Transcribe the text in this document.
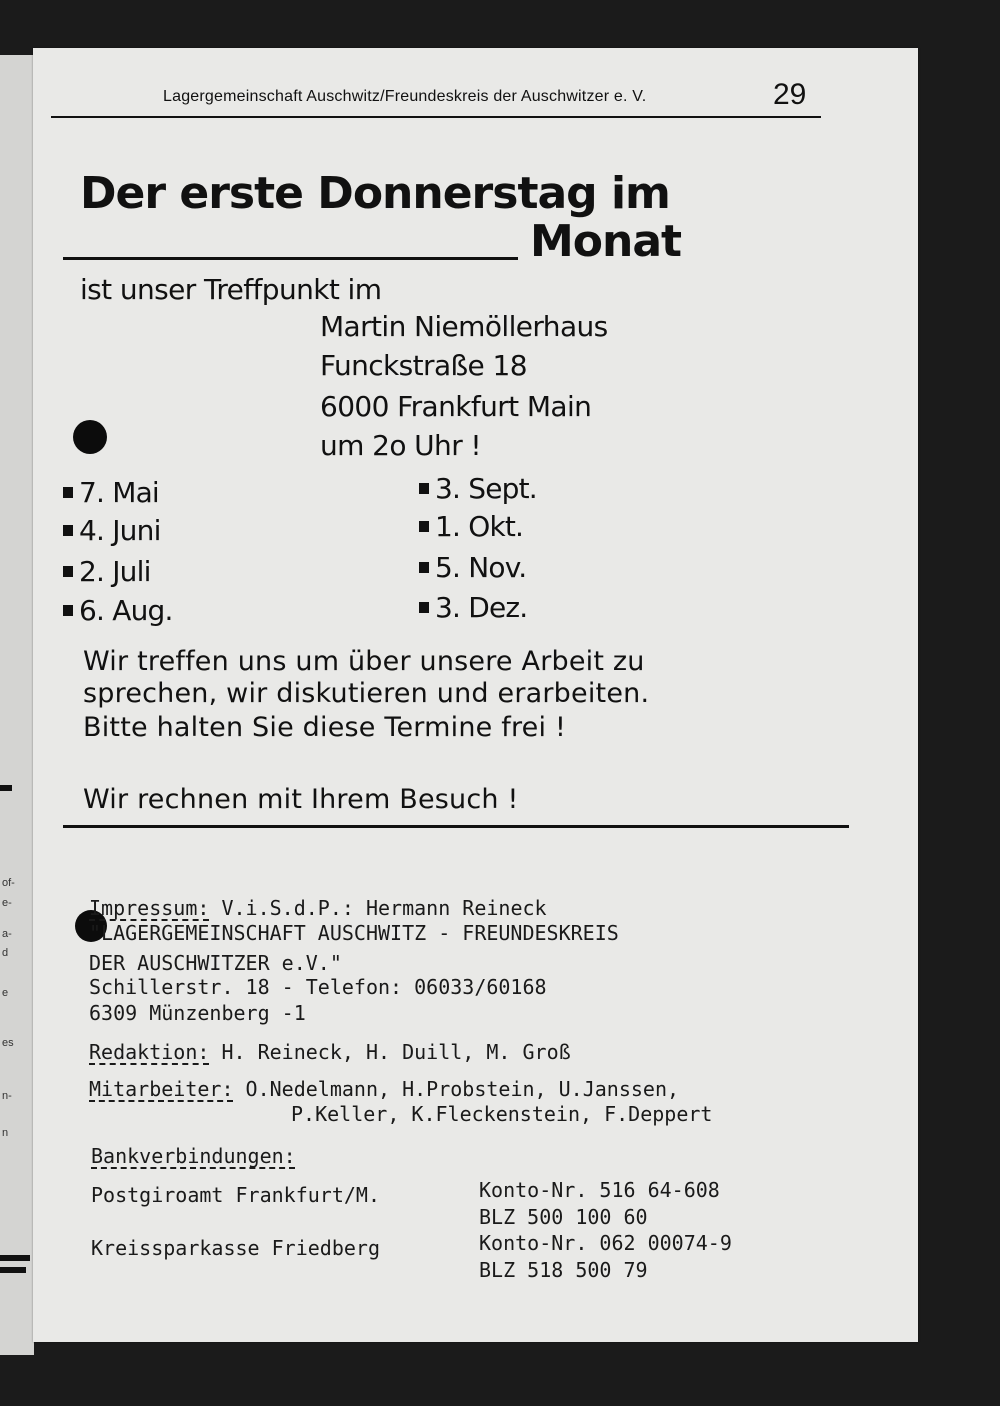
of-
e-
a-
d
e
es
n-
n
Lagergemeinschaft Auschwitz/Freundeskreis der Auschwitzer e. V.	29
Der erste Donnerstag im
Monat
ist unser Treffpunkt im
Martin Niemöllerhaus
Funckstraße 18
6000 Frankfurt Main
um 2o Uhr !
7. Mai
4. Juni
2. Juli
6. Aug.
3. Sept.
1. Okt.
5. Nov.
3. Dez.
Wir treffen uns um über unsere Arbeit zu
sprechen, wir diskutieren und erarbeiten.
Bitte halten Sie diese Termine frei !
Wir rechnen mit Ihrem Besuch !
Impressum: V.i.S.d.P.: Hermann Reineck
"LAGERGEMEINSCHAFT AUSCHWITZ - FREUNDESKREIS
DER AUSCHWITZER e.V."
Schillerstr. 18 - Telefon: 06033/60168
6309 Münzenberg -1
Redaktion: H. Reineck, H. Duill, M. Groß
Mitarbeiter: O.Nedelmann, H.Probstein, U.Janssen,
P.Keller, K.Fleckenstein, F.Deppert
Bankverbindungen:
Postgiroamt Frankfurt/M.	Konto-Nr. 516 64-608
BLZ 500 100 60
Kreissparkasse Friedberg	Konto-Nr. 062 00074-9
BLZ 518 500 79
